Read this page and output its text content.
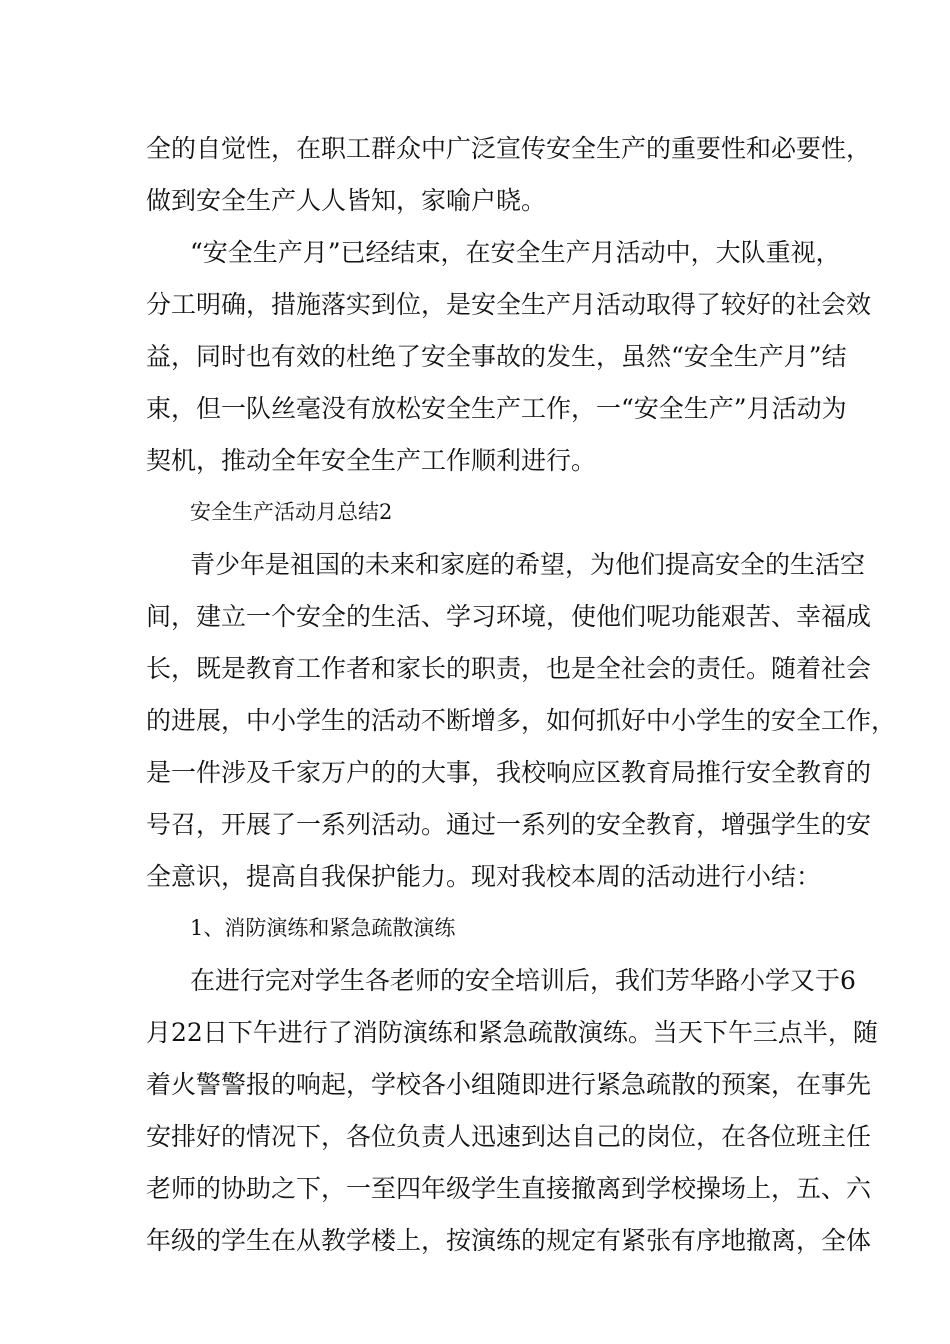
全的自觉性，在职工群众中广泛宣传安全生产的重要性和必要性，
做到安全生产人人皆知，家喻户晓。
“安全生产月”已经结束，在安全生产月活动中，大队重视，
分工明确，措施落实到位，是安全生产月活动取得了较好的社会效
益，同时也有效的杜绝了安全事故的发生，虽然“安全生产月”结
束，但一队丝毫没有放松安全生产工作，一“安全生产”月活动为
契机，推动全年安全生产工作顺利进行。
安全生产活动月总结2
青少年是祖国的未来和家庭的希望，为他们提高安全的生活空
间，建立一个安全的生活、学习环境，使他们呢功能艰苦、幸福成
长，既是教育工作者和家长的职责，也是全社会的责任。随着社会
的进展，中小学生的活动不断增多，如何抓好中小学生的安全工作，
是一件涉及千家万户的的大事，我校响应区教育局推行安全教育的
号召，开展了一系列活动。通过一系列的安全教育，增强学生的安
全意识，提高自我保护能力。现对我校本周的活动进行小结：
1、消防演练和紧急疏散演练
在进行完对学生各老师的安全培训后，我们芳华路小学又于6
月22日下午进行了消防演练和紧急疏散演练。当天下午三点半，随
着火警警报的响起，学校各小组随即进行紧急疏散的预案，在事先
安排好的情况下，各位负责人迅速到达自己的岗位，在各位班主任
老师的协助之下，一至四年级学生直接撤离到学校操场上，五、六
年级的学生在从教学楼上，按演练的规定有紧张有序地撤离，全体
